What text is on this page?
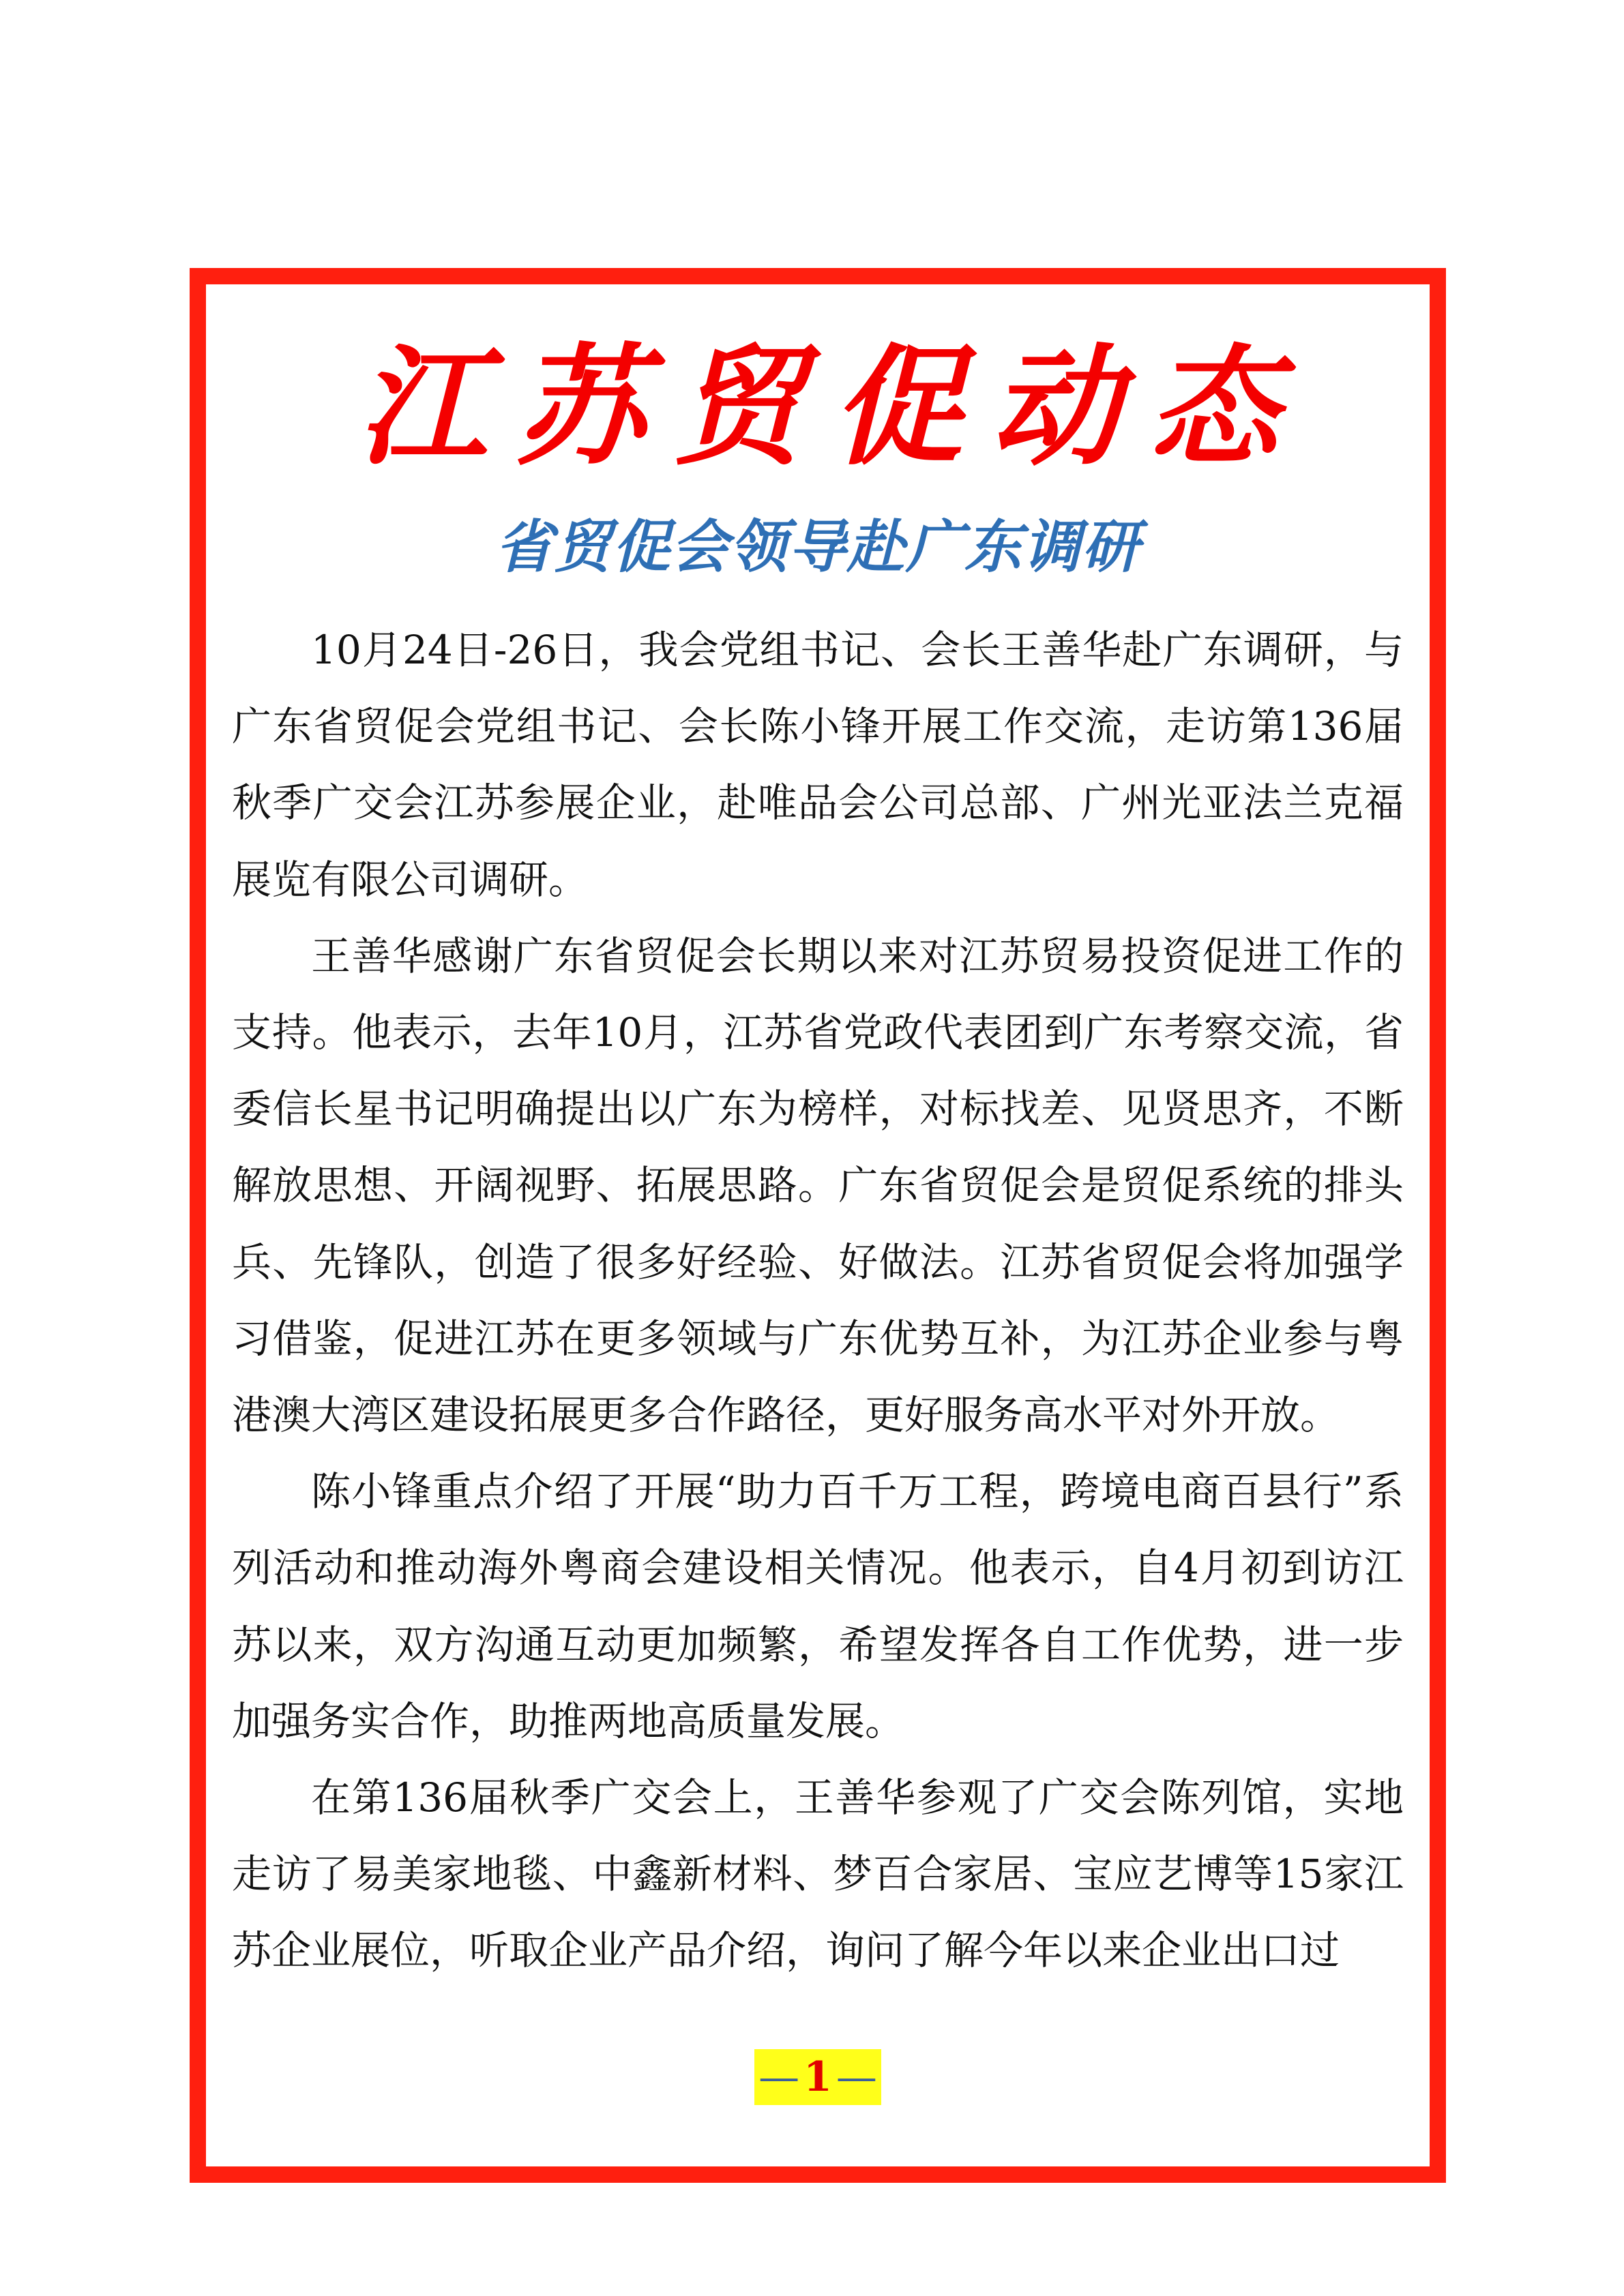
江苏贸促动态
省贸促会领导赴广东调研

10月24日-26日，我会党组书记、会长王善华赴广东调研，与广东省贸促会党组书记、会长陈小锋开展工作交流，走访第136届秋季广交会江苏参展企业，赴唯品会公司总部、广州光亚法兰克福展览有限公司调研。

王善华感谢广东省贸促会长期以来对江苏贸易投资促进工作的支持。他表示，去年10月，江苏省党政代表团到广东考察交流，省委信长星书记明确提出以广东为榜样，对标找差、见贤思齐，不断解放思想、开阔视野、拓展思路。广东省贸促会是贸促系统的排头兵、先锋队，创造了很多好经验、好做法。江苏省贸促会将加强学习借鉴，促进江苏在更多领域与广东优势互补，为江苏企业参与粤港澳大湾区建设拓展更多合作路径，更好服务高水平对外开放。

陈小锋重点介绍了开展“助力百千万工程，跨境电商百县行”系列活动和推动海外粤商会建设相关情况。他表示，自4月初到访江苏以来，双方沟通互动更加频繁，希望发挥各自工作优势，进一步加强务实合作，助推两地高质量发展。

在第136届秋季广交会上，王善华参观了广交会陈列馆，实地走访了易美家地毯、中鑫新材料、梦百合家居、宝应艺博等15家江苏企业展位，听取企业产品介绍，询问了解今年以来企业出口过

— 1 —
